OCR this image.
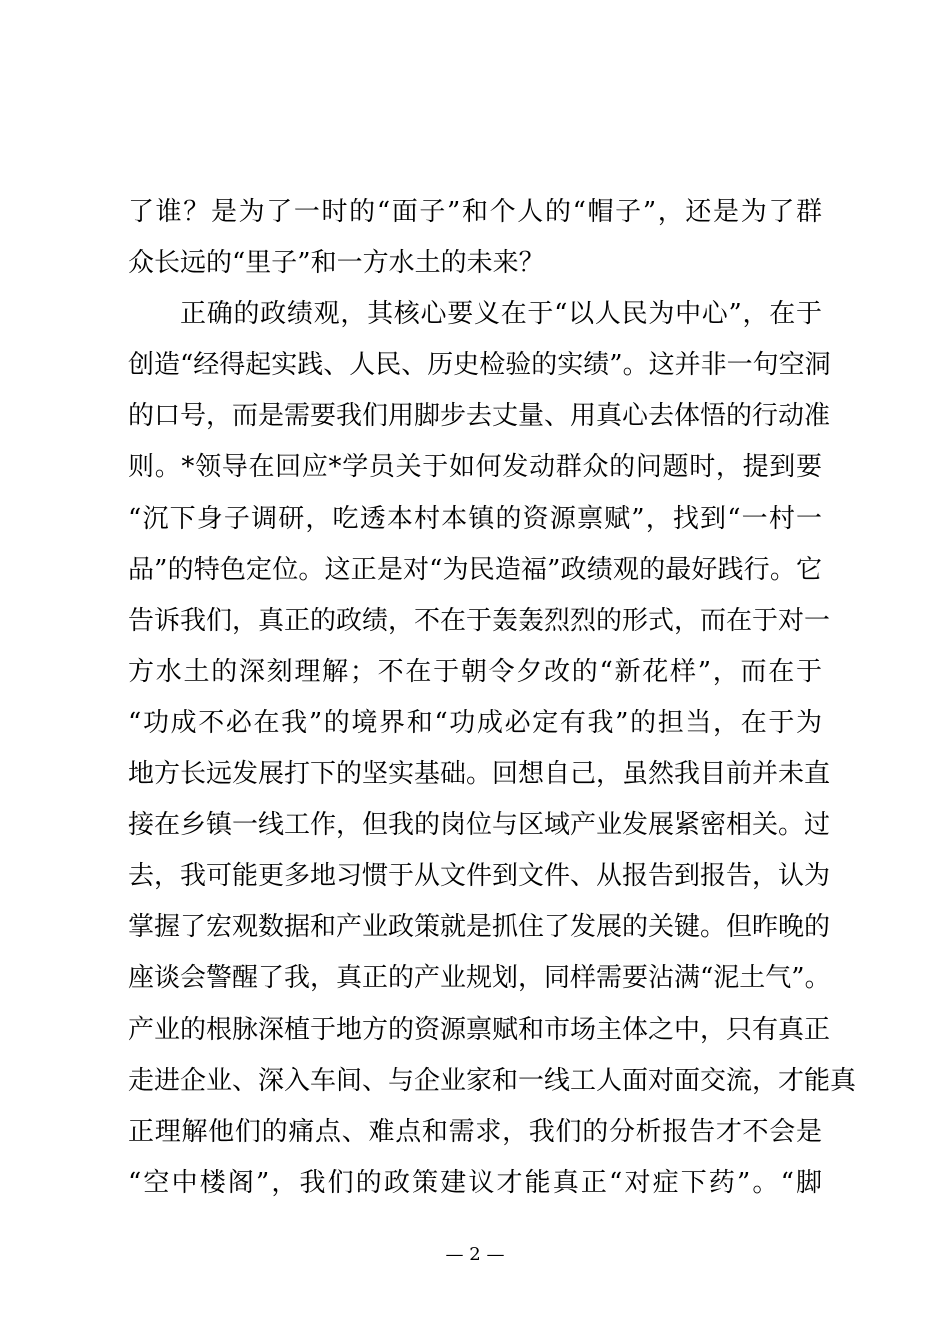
了谁？是为了一时的“面子”和个人的“帽子”，还是为了群
众长远的“里子”和一方水土的未来？
正确的政绩观，其核心要义在于“以人民为中心”，在于
创造“经得起实践、人民、历史检验的实绩”。这并非一句空洞
的口号，而是需要我们用脚步去丈量、用真心去体悟的行动准
则。*领导在回应*学员关于如何发动群众的问题时，提到要
“沉下身子调研，吃透本村本镇的资源禀赋”，找到“一村一
品”的特色定位。这正是对“为民造福”政绩观的最好践行。它
告诉我们，真正的政绩，不在于轰轰烈烈的形式，而在于对一
方水土的深刻理解；不在于朝令夕改的“新花样”，而在于
“功成不必在我”的境界和“功成必定有我”的担当，在于为
地方长远发展打下的坚实基础。回想自己，虽然我目前并未直
接在乡镇一线工作，但我的岗位与区域产业发展紧密相关。过
去，我可能更多地习惯于从文件到文件、从报告到报告，认为
掌握了宏观数据和产业政策就是抓住了发展的关键。但昨晚的
座谈会警醒了我，真正的产业规划，同样需要沾满“泥土气”。
产业的根脉深植于地方的资源禀赋和市场主体之中，只有真正
走进企业、深入车间、与企业家和一线工人面对面交流，才能真
正理解他们的痛点、难点和需求，我们的分析报告才不会是
“空中楼阁”，我们的政策建议才能真正“对症下药”。“脚
— 2 —
